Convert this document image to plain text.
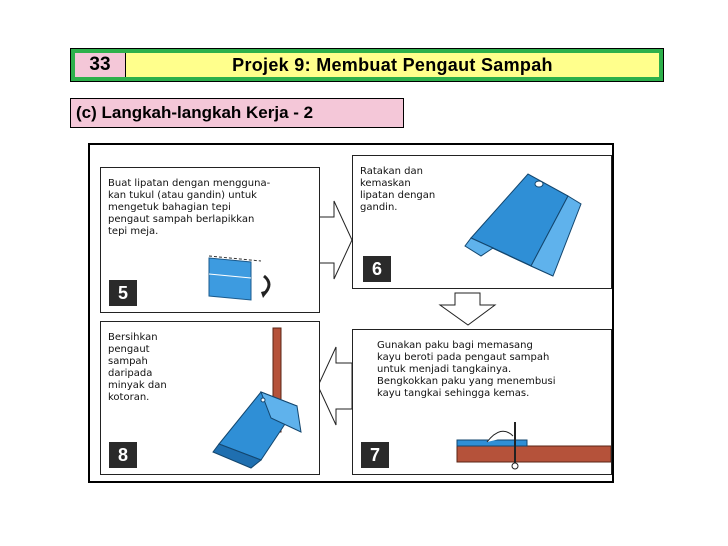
33	Projek 9: Membuat Pengaut Sampah
(c) Langkah-langkah Kerja - 2
Buat lipatan dengan mengguna-
kan tukul (atau gandin) untuk
mengetuk bahagian tepi
pengaut sampah berlapikkan
tepi meja.
5
Ratakan dan
kemaskan
lipatan dengan
gandin.
6
Bersihkan
pengaut
sampah
daripada
minyak dan
kotoran.
8
Gunakan paku bagi memasang
kayu beroti pada pengaut sampah
untuk menjadi tangkainya.
Bengkokkan paku yang menembusi
kayu tangkai sehingga kemas.
7
